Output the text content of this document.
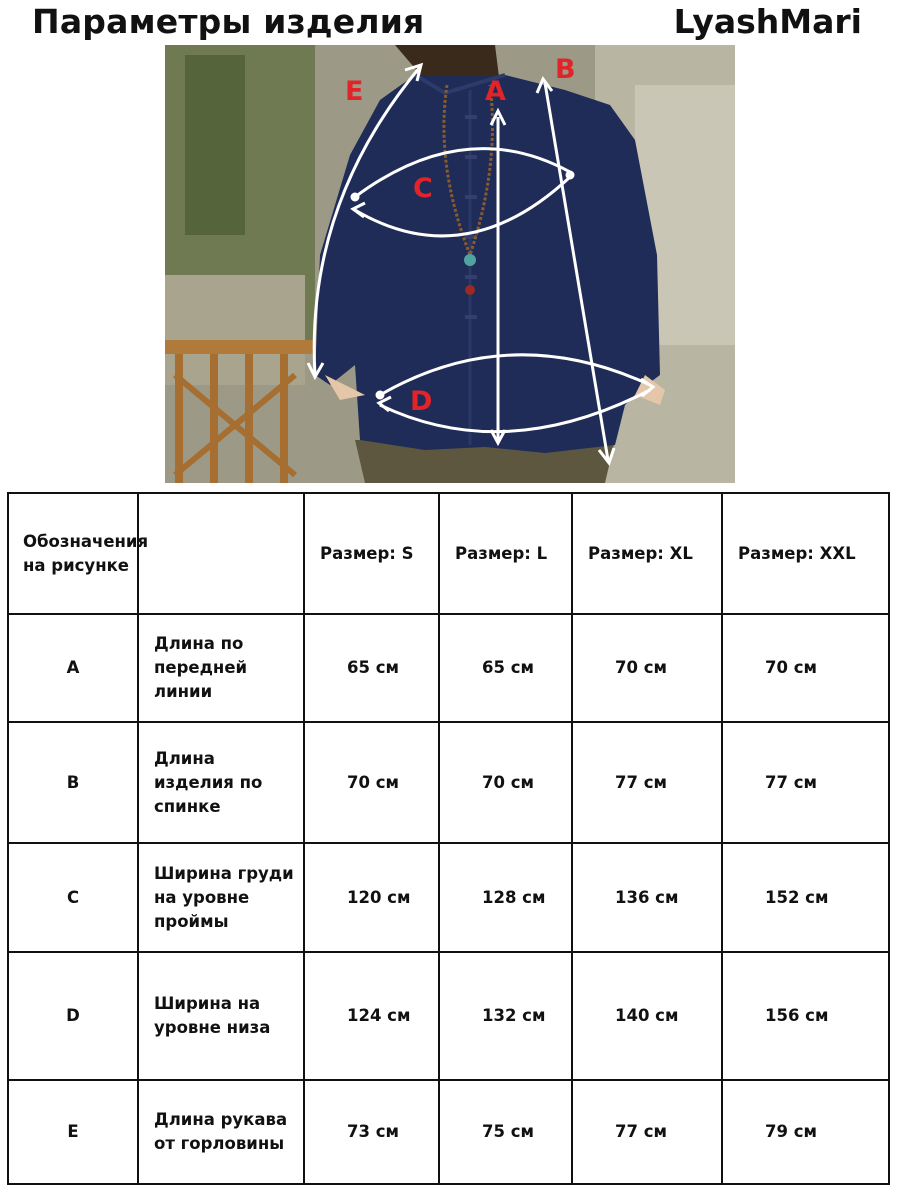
Параметры изделия	LyashMari
E	A
B
C
D
Обозначения на рисунке		Размер: S	Размер: L	Размер: XL	Размер: XXL
A	Длина по передней линии	65 см	65 см	70 см	70 см
B	Длина изделия по спинке	70 см	70 см	77 см	77 см
C	Ширина груди на уровне проймы	120 см	128 см	136 см	152 см
D	Ширина на уровне низа	124 см	132 см	140 см	156 см
E	Длина рукава от горловины	73 см	75 см	77 см	79 см
